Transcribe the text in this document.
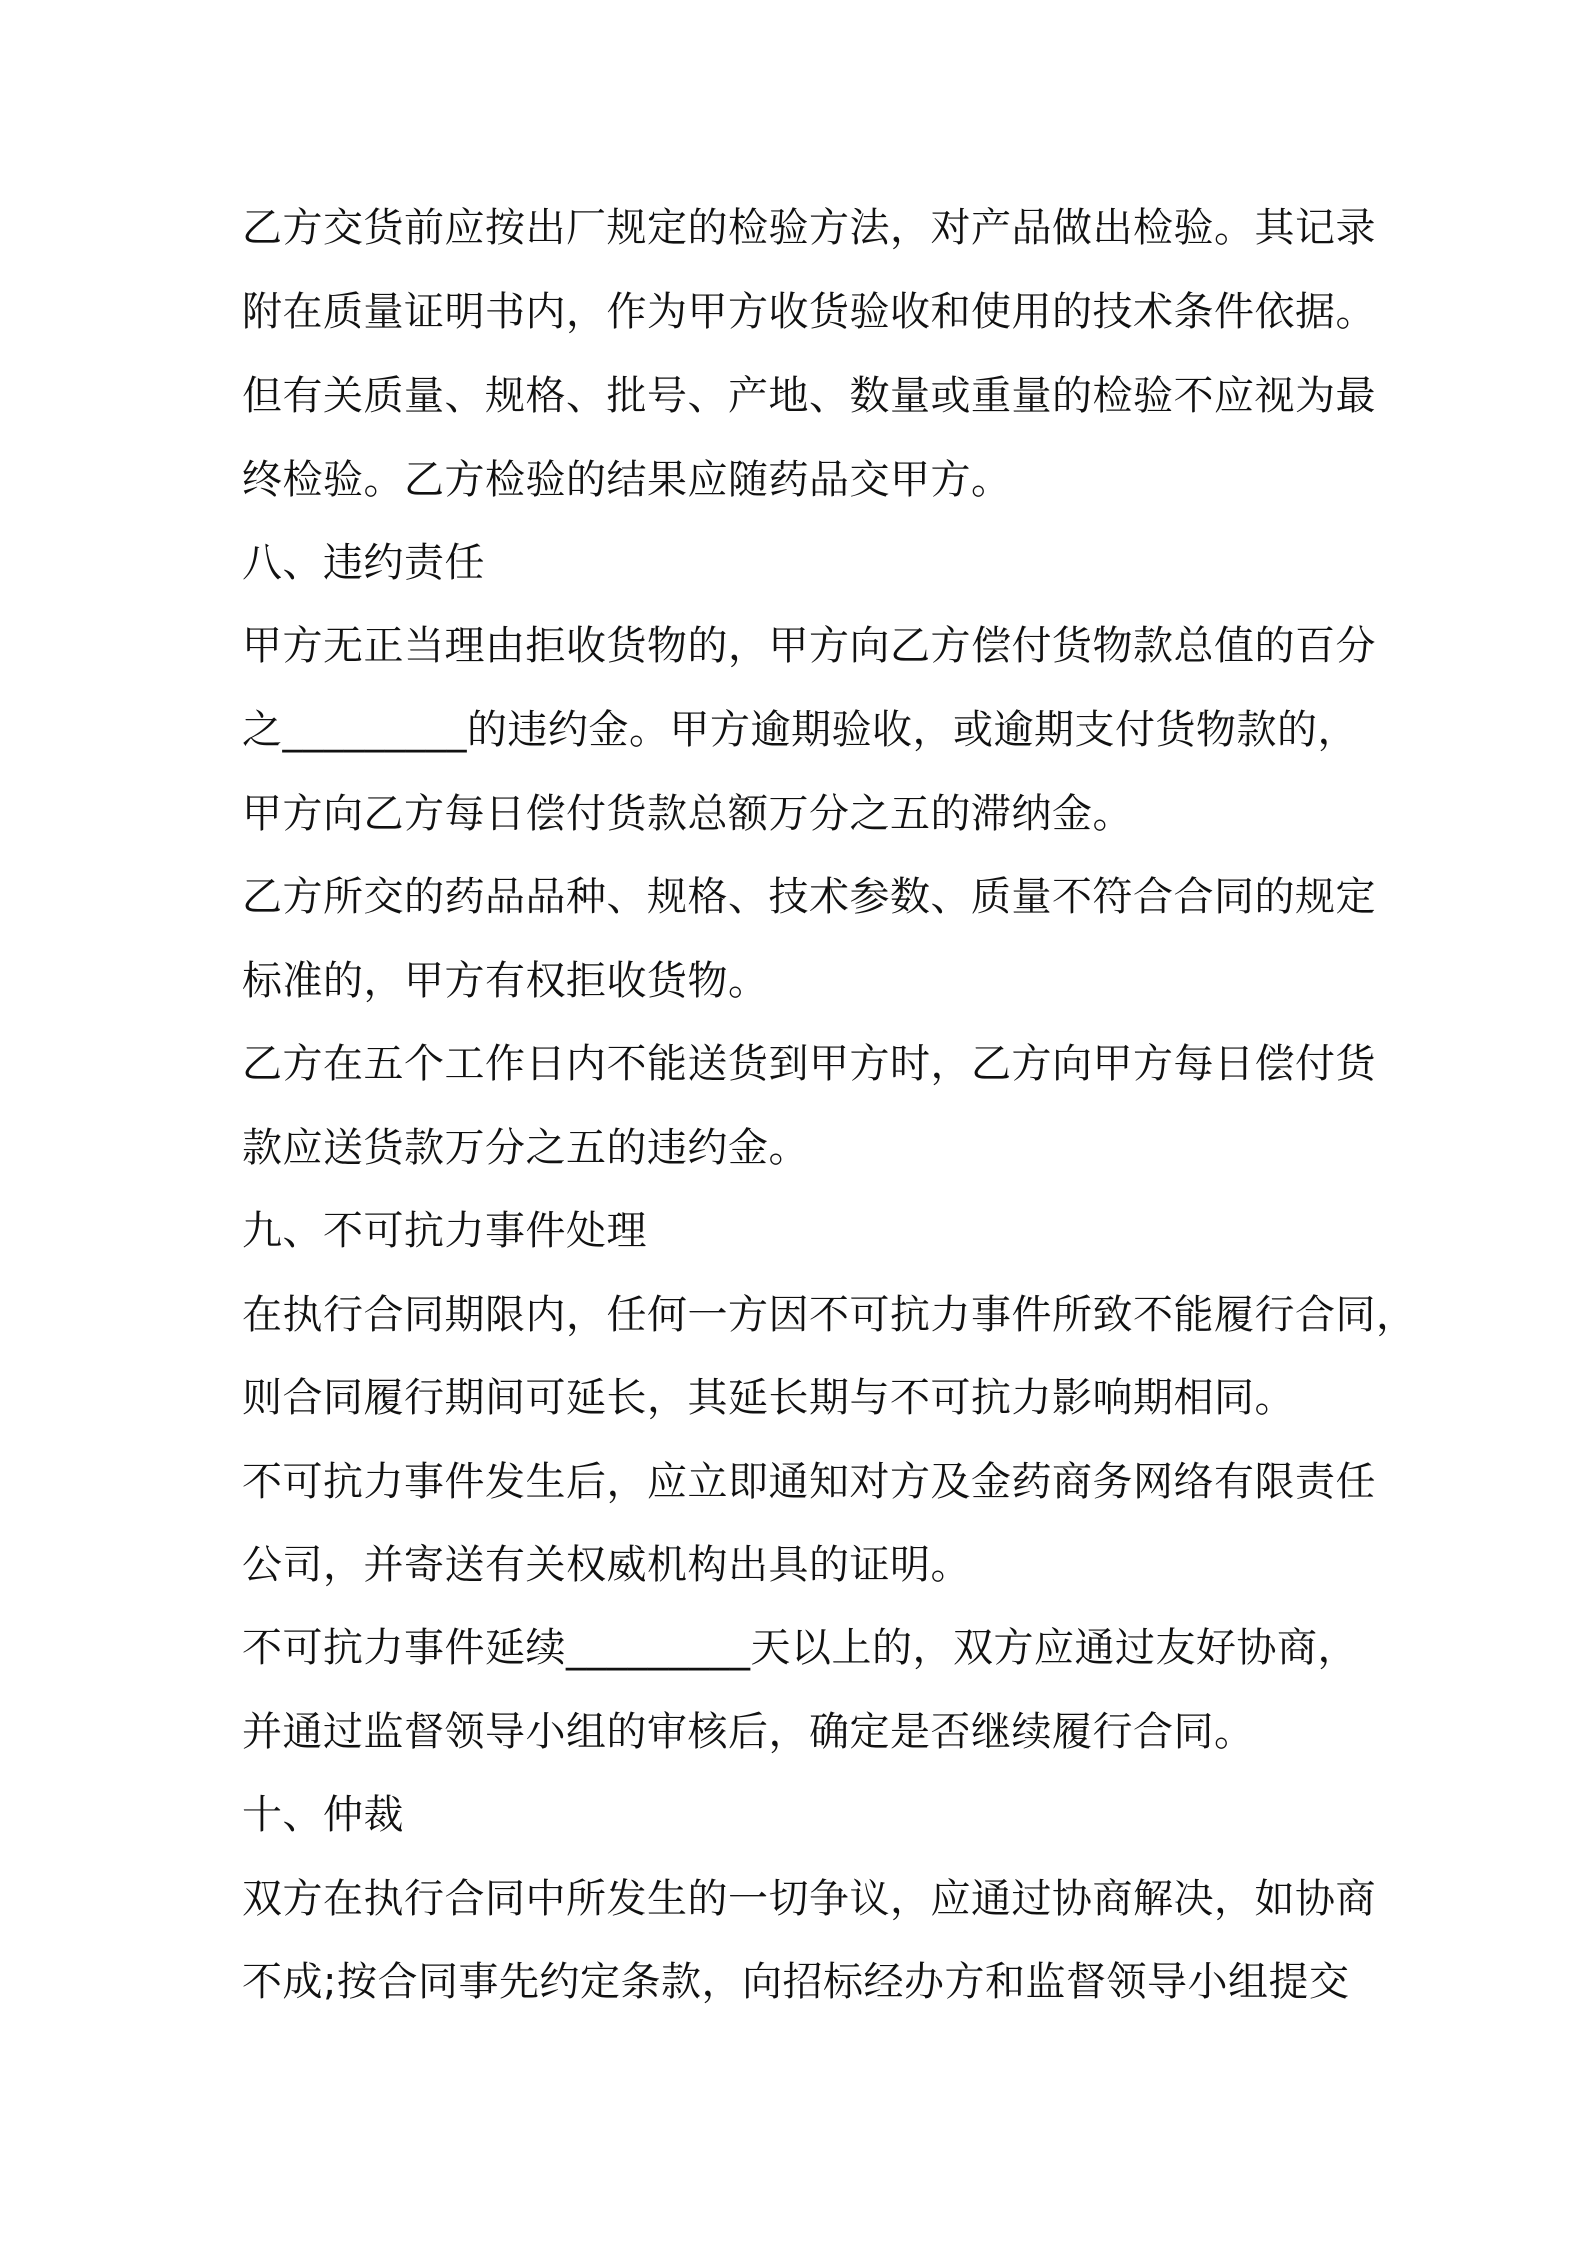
乙方交货前应按出厂规定的检验方法，对产品做出检验。其记录

附在质量证明书内，作为甲方收货验收和使用的技术条件依据。

但有关质量、规格、批号、产地、数量或重量的检验不应视为最

终检验。乙方检验的结果应随药品交甲方。

八、违约责任

甲方无正当理由拒收货物的，甲方向乙方偿付货物款总值的百分

之_________的违约金。甲方逾期验收，或逾期支付货物款的，

甲方向乙方每日偿付货款总额万分之五的滞纳金。

乙方所交的药品品种、规格、技术参数、质量不符合合同的规定

标准的，甲方有权拒收货物。

乙方在五个工作日内不能送货到甲方时，乙方向甲方每日偿付货

款应送货款万分之五的违约金。

九、不可抗力事件处理

在执行合同期限内，任何一方因不可抗力事件所致不能履行合同，

则合同履行期间可延长，其延长期与不可抗力影响期相同。

不可抗力事件发生后，应立即通知对方及金药商务网络有限责任

公司，并寄送有关权威机构出具的证明。

不可抗力事件延续_________天以上的，双方应通过友好协商，

并通过监督领导小组的审核后，确定是否继续履行合同。

十、仲裁

双方在执行合同中所发生的一切争议，应通过协商解决，如协商

不成;按合同事先约定条款，向招标经办方和监督领导小组提交
